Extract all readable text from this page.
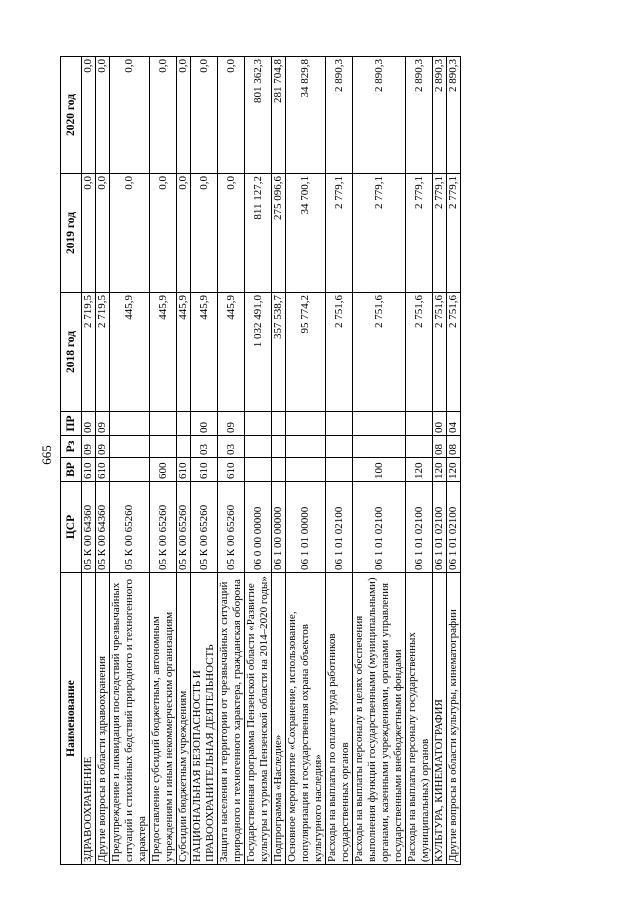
665
Наименование	ЦСР	ВР	Рз	ПР	2018 год	2019 год	2020 год
ЗДРАВООХРАНЕНИЕ	05 К 00 64360	610	09	00	2 719,5	0,0	0,0
Другие вопросы в области здравоохранения	05 К 00 64360	610	09	09	2 719,5	0,0	0,0
Предупреждение и ликвидация последствий чрезвычайных ситуаций и стихийных бедствий природного и техногенного характера	05 К 00 65260				445,9	0,0	0,0
Предоставление субсидий бюджетным, автономным учреждениям и иным некоммерческим организациям	05 К 00 65260	600			445,9	0,0	0,0
Субсидии бюджетным учреждениям	05 К 00 65260	610			445,9	0,0	0,0
НАЦИОНАЛЬНАЯ БЕЗОПАСНОСТЬ И ПРАВООХРАНИТЕЛЬНАЯ ДЕЯТЕЛЬНОСТЬ	05 К 00 65260	610	03	00	445,9	0,0	0,0
Защита населения и территории от чрезвычайных ситуаций природного и техногенного характера, гражданская оборона	05 К 00 65260	610	03	09	445,9	0,0	0,0
Государственная программа Пензенской области «Развитие культуры и туризма Пензенской области на 2014–2020 годы»	06 0 00 00000				1 032 491,0	811 127,2	801 362,3
Подпрограмма «Наследие»	06 1 00 00000				357 538,7	275 096,6	281 704,8
Основное мероприятие «Сохранение, использование, популяризация и государственная охрана объектов культурного наследия»	06 1 01 00000				95 774,2	34 700,1	34 829,8
Расходы на выплаты по оплате труда работников государственных органов	06 1 01 02100				2 751,6	2 779,1	2 890,3
Расходы на выплаты персоналу в целях обеспечения выполнения функций государственными (муниципальными) органами, казенными учреждениями, органами управления государственными внебюджетными фондами	06 1 01 02100	100			2 751,6	2 779,1	2 890,3
Расходы на выплаты персоналу государственных (муниципальных) органов	06 1 01 02100	120			2 751,6	2 779,1	2 890,3
КУЛЬТУРА, КИНЕМАТОГРАФИЯ	06 1 01 02100	120	08	00	2 751,6	2 779,1	2 890,3
Другие вопросы в области культуры, кинематографии	06 1 01 02100	120	08	04	2 751,6	2 779,1	2 890,3
